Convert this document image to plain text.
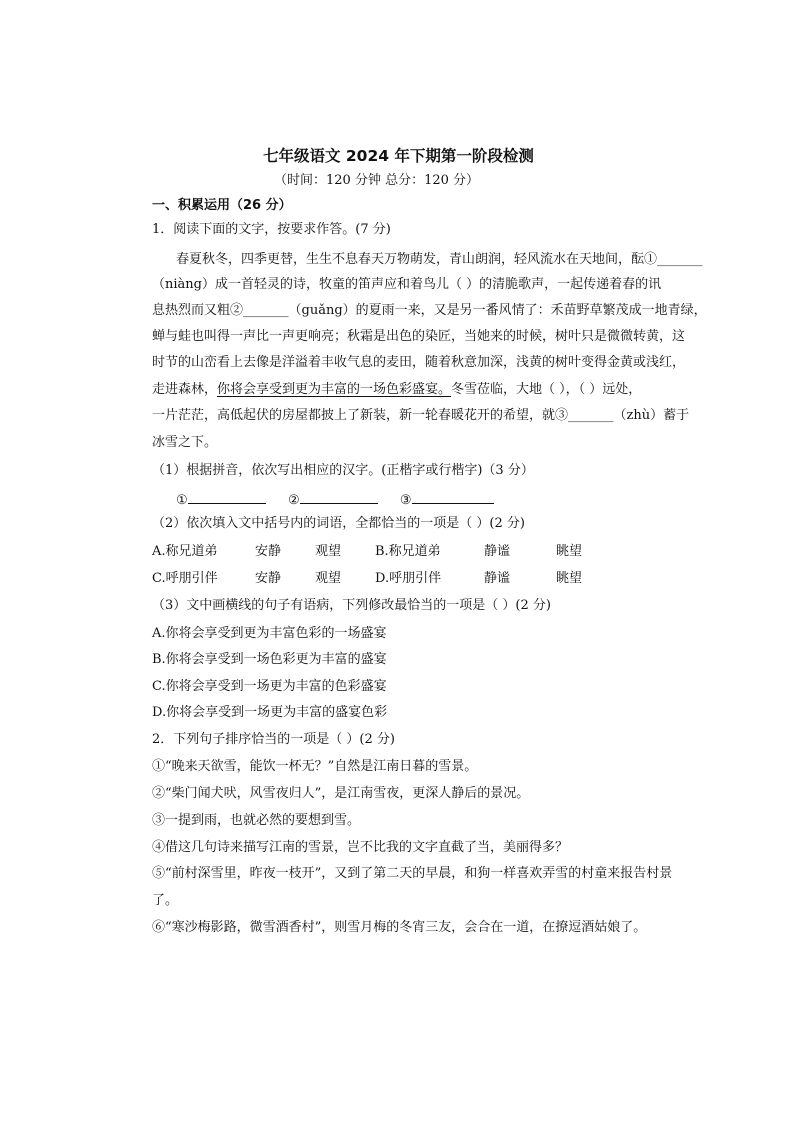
七年级语文 2024 年下期第一阶段检测
（时间：120 分钟 总分：120 分）
一、积累运用（26 分）
1．阅读下面的文字，按要求作答。(7 分)
春夏秋冬，四季更替，生生不息春天万物萌发，青山朗润，轻风流水在天地间，酝①_______
（niàng）成一首轻灵的诗，牧童的笛声应和着鸟儿（ ）的清脆歌声，一起传递着春的讯
息热烈而又粗②_______（guǎng）的夏雨一来，又是另一番风情了：禾苗野草繁茂成一地青绿，
蝉与蛙也叫得一声比一声更响亮；秋霜是出色的染匠，当她来的时候，树叶只是微微转黄，这
时节的山峦看上去像是洋溢着丰收气息的麦田，随着秋意加深，浅黄的树叶变得金黄或浅红，
走进森林，你将会享受到更为丰富的一场色彩盛宴。冬雪莅临，大地（ ），（ ）远处，
一片茫茫，高低起伏的房屋都披上了新装，新一轮春暖花开的希望，就③_______（zhù）蓄于
冰雪之下。
（1）根据拼音，依次写出相应的汉字。(正楷字或行楷字)（3 分）
①	②	③
（2）依次填入文中括号内的词语，全都恰当的一项是（ ）(2 分)
A.称兄道弟	安静	观望	B.称兄道弟	静谧	眺望
C.呼朋引伴	安静	观望	D.呼朋引伴	静谧	眺望
（3）文中画横线的句子有语病，下列修改最恰当的一项是（ ）(2 分)
A.你将会享受到更为丰富色彩的一场盛宴
B.你将会享受到一场色彩更为丰富的盛宴
C.你将会享受到一场更为丰富的色彩盛宴
D.你将会享受到一场更为丰富的盛宴色彩
2．下列句子排序恰当的一项是（ ）(2 分)
①“晚来天欲雪，能饮一杯无？”自然是江南日暮的雪景。
②“柴门闻犬吠，风雪夜归人”，是江南雪夜，更深人静后的景况。
③一提到雨，也就必然的要想到雪。
④借这几句诗来描写江南的雪景，岂不比我的文字直截了当，美丽得多？
⑤“前村深雪里，昨夜一枝开”，又到了第二天的早晨，和狗一样喜欢弄雪的村童来报告村景
了。
⑥“寒沙梅影路，微雪酒香村”，则雪月梅的冬宵三友，会合在一道，在撩逗酒姑娘了。
